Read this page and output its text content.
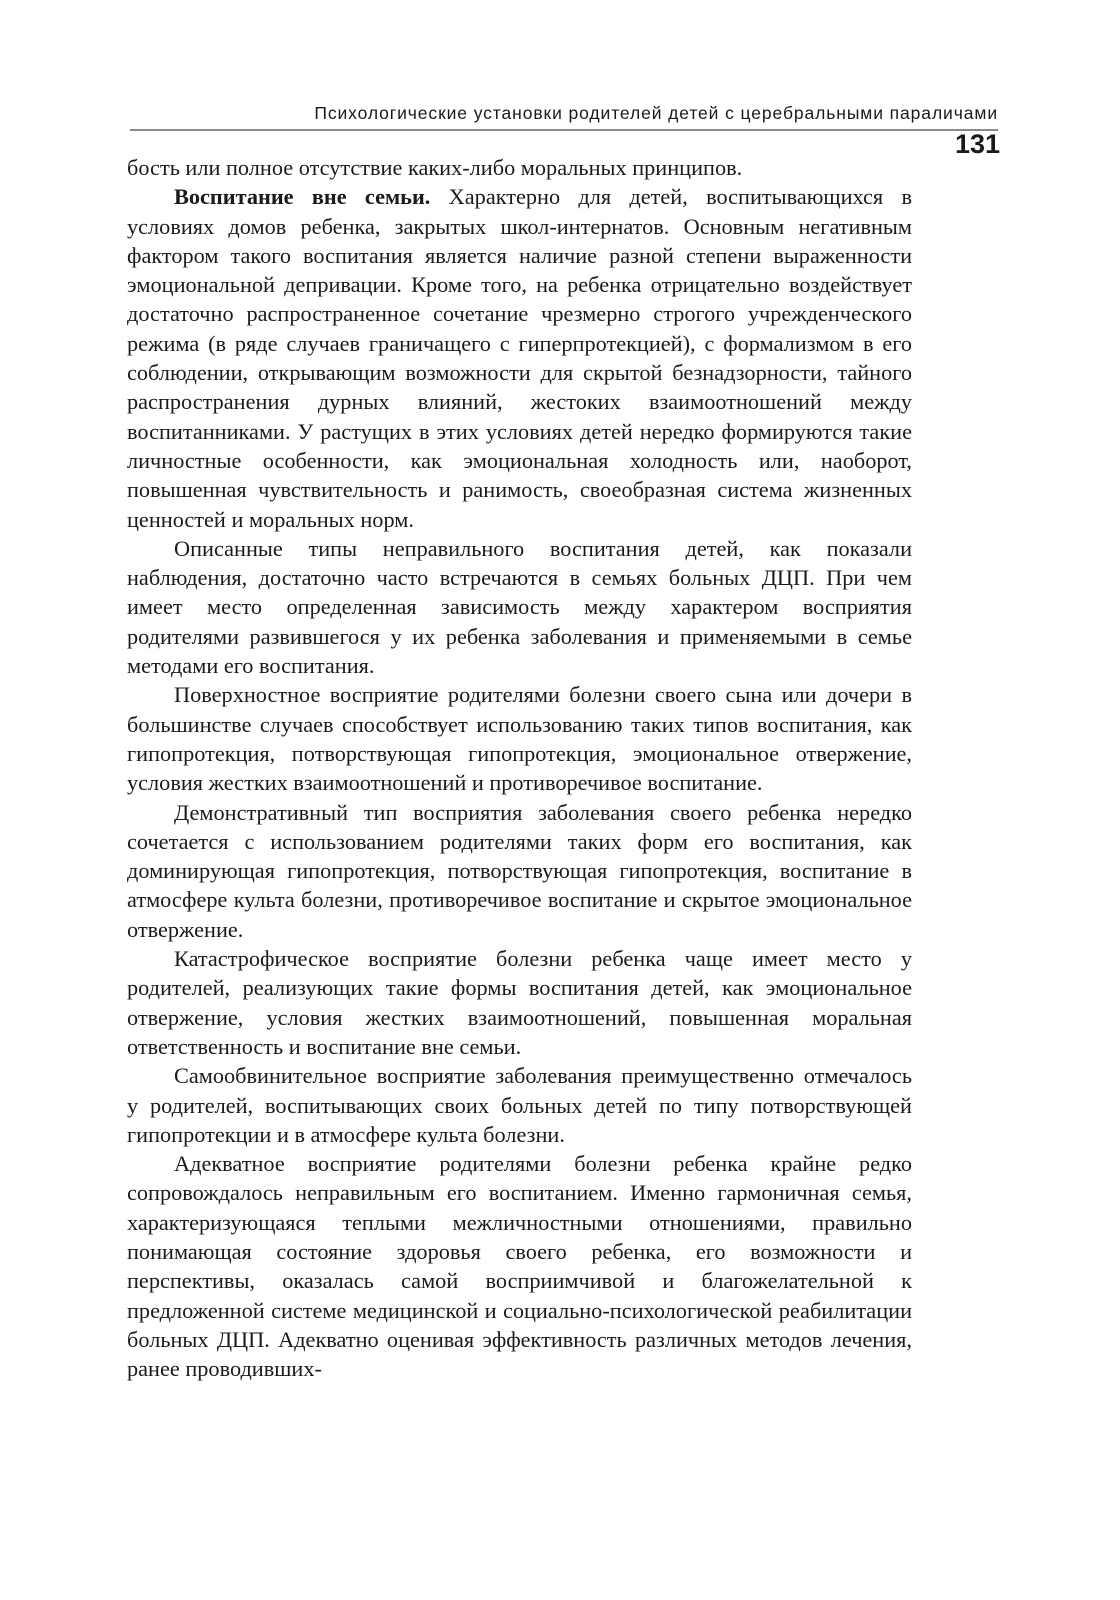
Психологические установки родителей детей с церебральными параличами
131

бость или полное отсутствие каких-либо моральных принципов.

Воспитание вне семьи. Характерно для детей, воспитывающихся в условиях домов ребенка, закрытых школ-интернатов. Основным негативным фактором такого воспитания является наличие разной степени выраженности эмоциональной депривации. Кроме того, на ребенка отрицательно воздействует достаточно распространенное сочетание чрезмерно строгого учрежденческого режима (в ряде случаев граничащего с гиперпротекцией), с формализмом в его соблюдении, открывающим возможности для скрытой безнадзорности, тайного распространения дурных влияний, жестоких взаимоотношений между воспитанниками. У растущих в этих условиях детей нередко формируются такие личностные особенности, как эмоциональная холодность или, наоборот, повышенная чувствительность и ранимость, своеобразная система жизненных ценностей и моральных норм.

Описанные типы неправильного воспитания детей, как показали наблюдения, достаточно часто встречаются в семьях больных ДЦП. При чем имеет место определенная зависимость между характером восприятия родителями развившегося у их ребенка заболевания и применяемыми в семье методами его воспитания.

Поверхностное восприятие родителями болезни своего сына или дочери в большинстве случаев способствует использованию таких типов воспитания, как гипопротекция, потворствующая гипопротекция, эмоциональное отвержение, условия жестких взаимоотношений и противоречивое воспитание.

Демонстративный тип восприятия заболевания своего ребенка нередко сочетается с использованием родителями таких форм его воспитания, как доминирующая гипопротекция, потворствующая гипопротекция, воспитание в атмосфере культа болезни, противоречивое воспитание и скрытое эмоциональное отвержение.

Катастрофическое восприятие болезни ребенка чаще имеет место у родителей, реализующих такие формы воспитания детей, как эмоциональное отвержение, условия жестких взаимоотношений, повышенная моральная ответственность и воспитание вне семьи.

Самообвинительное восприятие заболевания преимущественно отмечалось у родителей, воспитывающих своих больных детей по типу потворствующей гипопротекции и в атмосфере культа болезни.

Адекватное восприятие родителями болезни ребенка крайне редко сопровождалось неправильным его воспитанием. Именно гармоничная семья, характеризующаяся теплыми межличностными отношениями, правильно понимающая состояние здоровья своего ребенка, его возможности и перспективы, оказалась самой восприимчивой и благожелательной к предложенной системе медицинской и социально-психологической реабилитации больных ДЦП. Адекватно оценивая эффективность различных методов лечения, ранее проводивших-
